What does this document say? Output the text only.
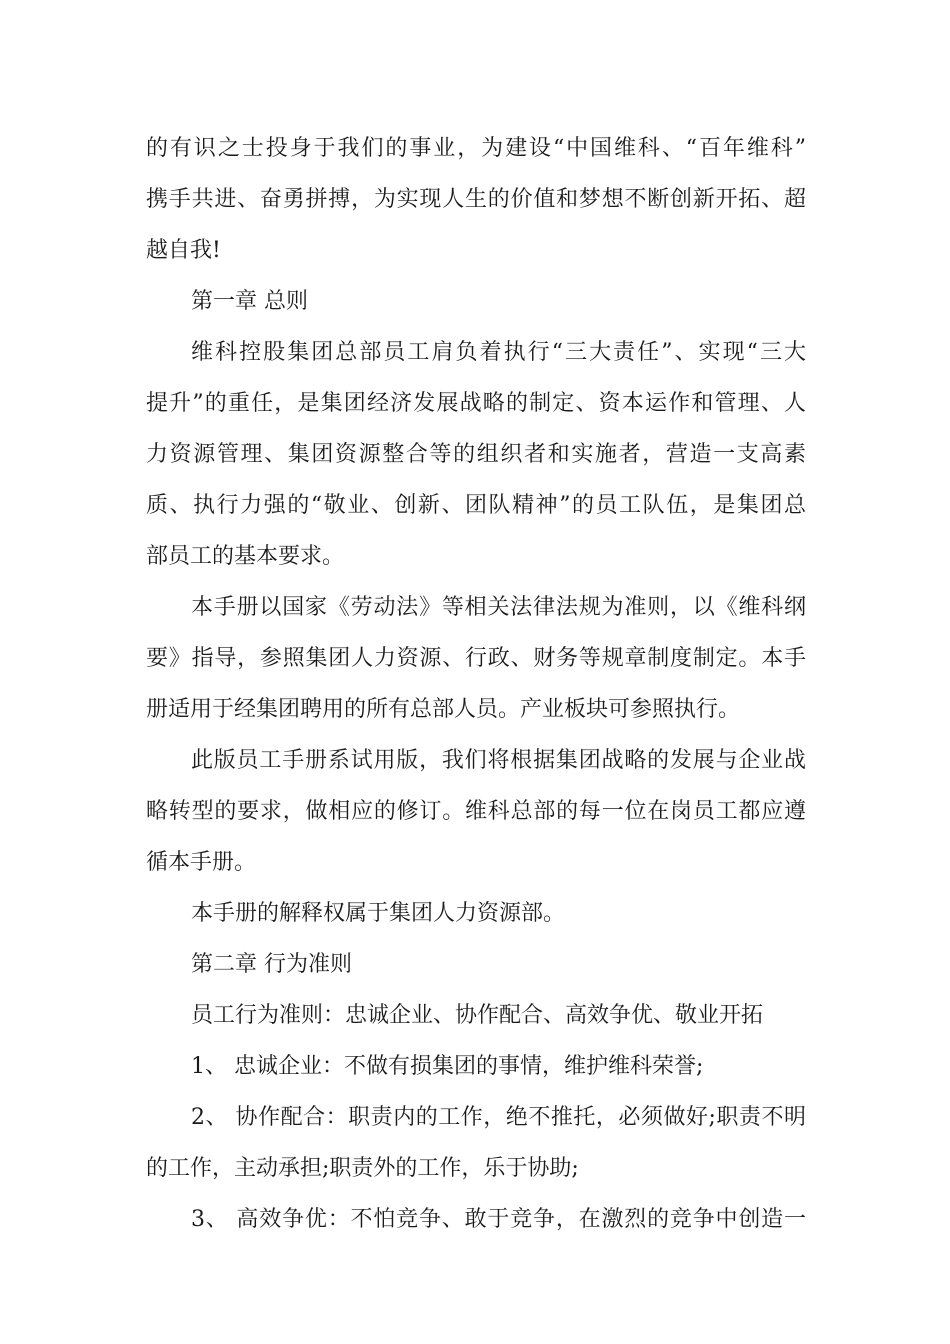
的有识之士投身于我们的事业，为建设“中国维科、“百年维科”
携手共进、奋勇拼搏，为实现人生的价值和梦想不断创新开拓、超
越自我!
第一章 总则
维科控股集团总部员工肩负着执行“三大责任”、实现“三大
提升”的重任，是集团经济发展战略的制定、资本运作和管理、人
力资源管理、集团资源整合等的组织者和实施者，营造一支高素
质、执行力强的“敬业、创新、团队精神”的员工队伍，是集团总
部员工的基本要求。
本手册以国家《劳动法》等相关法律法规为准则，以《维科纲
要》指导，参照集团人力资源、行政、财务等规章制度制定。本手
册适用于经集团聘用的所有总部人员。产业板块可参照执行。
此版员工手册系试用版，我们将根据集团战略的发展与企业战
略转型的要求，做相应的修订。维科总部的每一位在岗员工都应遵
循本手册。
本手册的解释权属于集团人力资源部。
第二章 行为准则
员工行为准则：忠诚企业、协作配合、高效争优、敬业开拓
1、 忠诚企业：不做有损集团的事情，维护维科荣誉;
2、 协作配合：职责内的工作，绝不推托，必须做好;职责不明
的工作，主动承担;职责外的工作，乐于协助;
3、 高效争优：不怕竞争、敢于竞争，在激烈的竞争中创造一
